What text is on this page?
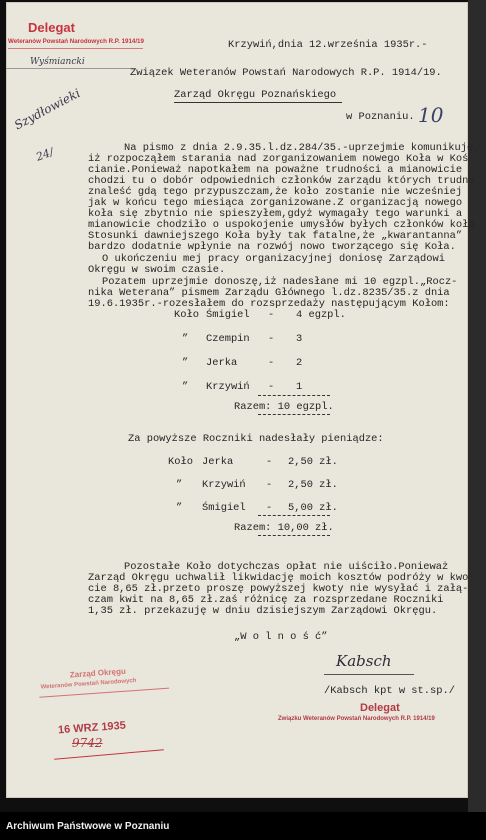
Delegat
Weteranów Powstań Narodowych R.P. 1914/19
Wyśmiancki
Krzywiń,dnia 12.września 1935r.-
Związek Weteranów Powstań Narodowych R.P. 1914/19.
Zarząd Okręgu Poznańskiego
w Poznaniu. 10
Szydłowieki
24/	Na pismo z dnia 2.9.35.l.dz.284/35.-uprzejmie komunikuję,
iż rozpocząłem starania nad zorganizowaniem nowego Koła w Koś-
cianie.Ponieważ napotkałem na poważne trudności a mianowicie
chodzi tu o dobór odpowiednich członków zarządu których trudno
znaleść gdą tego przypuszczam,że koło zostanie nie wcześniej
jak w końcu tego miesiąca zorganizowane.Z organizacją nowego
koła się zbytnio nie spieszyłem,gdyż wymagały tego warunki a
mianowicie chodziło o uspokojenie umysłów byłych członków koła
Stosunki dawniejszego Koła były tak fatalne,że „kwarantanna”
bardzo dodatnie wpłynie na rozwój nowo tworzącego się Koła.
O ukończeniu mej pracy organizacyjnej doniosę Zarządowi
Okręgu w swoim czasie.
Pozatem uprzejmie donoszę,iż nadesłane mi 10 egzpl.„Rocz-
nika Weterana” pismem Zarządu Głównego l.dz.8235/35.z dnia
19.6.1935r.-rozesłałem do rozsprzedaży następującym Kołom:
Koło Śmigiel - 4 egzpl.
” Czempin - 3
” Jerka	- 2
” Krzywiń - 1
Razem: 10 egzpl.
Za powyższe Roczniki nadesłały pieniądze:
Koło Jerka	- 2,50 zł.
” Krzywiń - 2,50 zł.
” Śmigiel - 5,00 zł.
Razem: 10,00 zł.
Pozostałe Koło dotychczas opłat nie uiściło.Ponieważ
Zarząd Okręgu uchwalił likwidację moich kosztów podróży w kwo-
cie 8,65 zł.przeto proszę powyższej kwoty nie wysyłać i załą-
czam kwit na 8,65 zł.zaś różnicę za rozsprzedane Roczniki
1,35 zł. przekazuję w dniu dzisiejszym Zarządowi Okręgu.
„W o l n o ś ć”
Kabsch
/Kabsch kpt w st.sp./
Delegat
Związku Weteranów Powstań Narodowych R.P. 1914/19
Zarząd Okręgu
Weteranów Powstań Narodowych
16 WRZ 1935
9742
Archiwum Państwowe w Poznaniu
